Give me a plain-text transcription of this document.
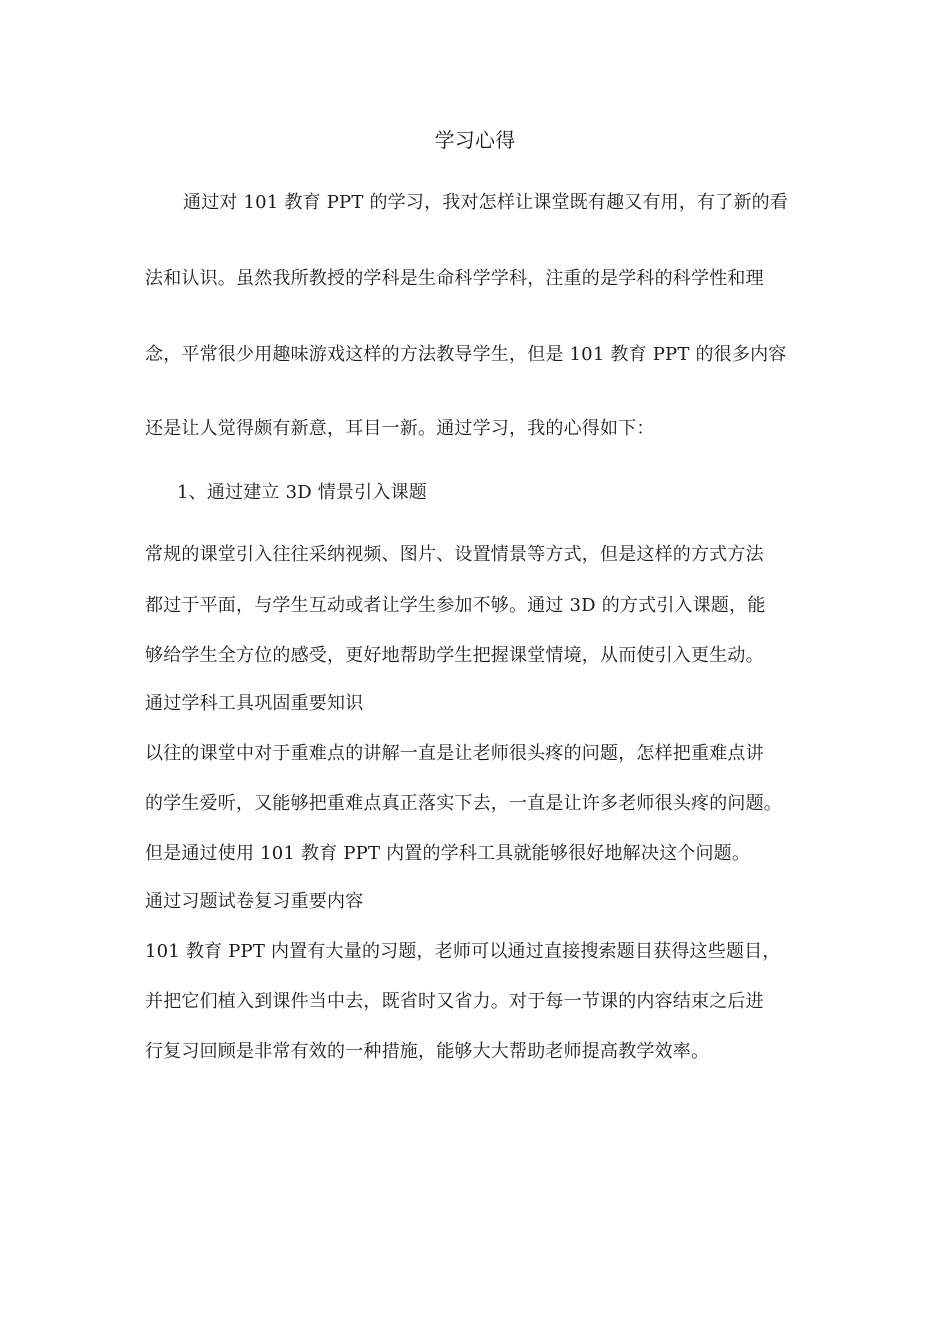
学习心得
通过对 101 教育 PPT 的学习，我对怎样让课堂既有趣又有用，有了新的看
法和认识。虽然我所教授的学科是生命科学学科，注重的是学科的科学性和理
念，平常很少用趣味游戏这样的方法教导学生，但是 101 教育 PPT 的很多内容
还是让人觉得颇有新意，耳目一新。通过学习，我的心得如下：
1、通过建立 3D 情景引入课题
常规的课堂引入往往采纳视频、图片、设置情景等方式，但是这样的方式方法
都过于平面，与学生互动或者让学生参加不够。通过 3D 的方式引入课题，能
够给学生全方位的感受，更好地帮助学生把握课堂情境，从而使引入更生动。
通过学科工具巩固重要知识
以往的课堂中对于重难点的讲解一直是让老师很头疼的问题，怎样把重难点讲
的学生爱听，又能够把重难点真正落实下去，一直是让许多老师很头疼的问题。
但是通过使用 101 教育 PPT 内置的学科工具就能够很好地解决这个问题。
通过习题试卷复习重要内容
101 教育 PPT 内置有大量的习题，老师可以通过直接搜索题目获得这些题目，
并把它们植入到课件当中去，既省时又省力。对于每一节课的内容结束之后进
行复习回顾是非常有效的一种措施，能够大大帮助老师提高教学效率。
